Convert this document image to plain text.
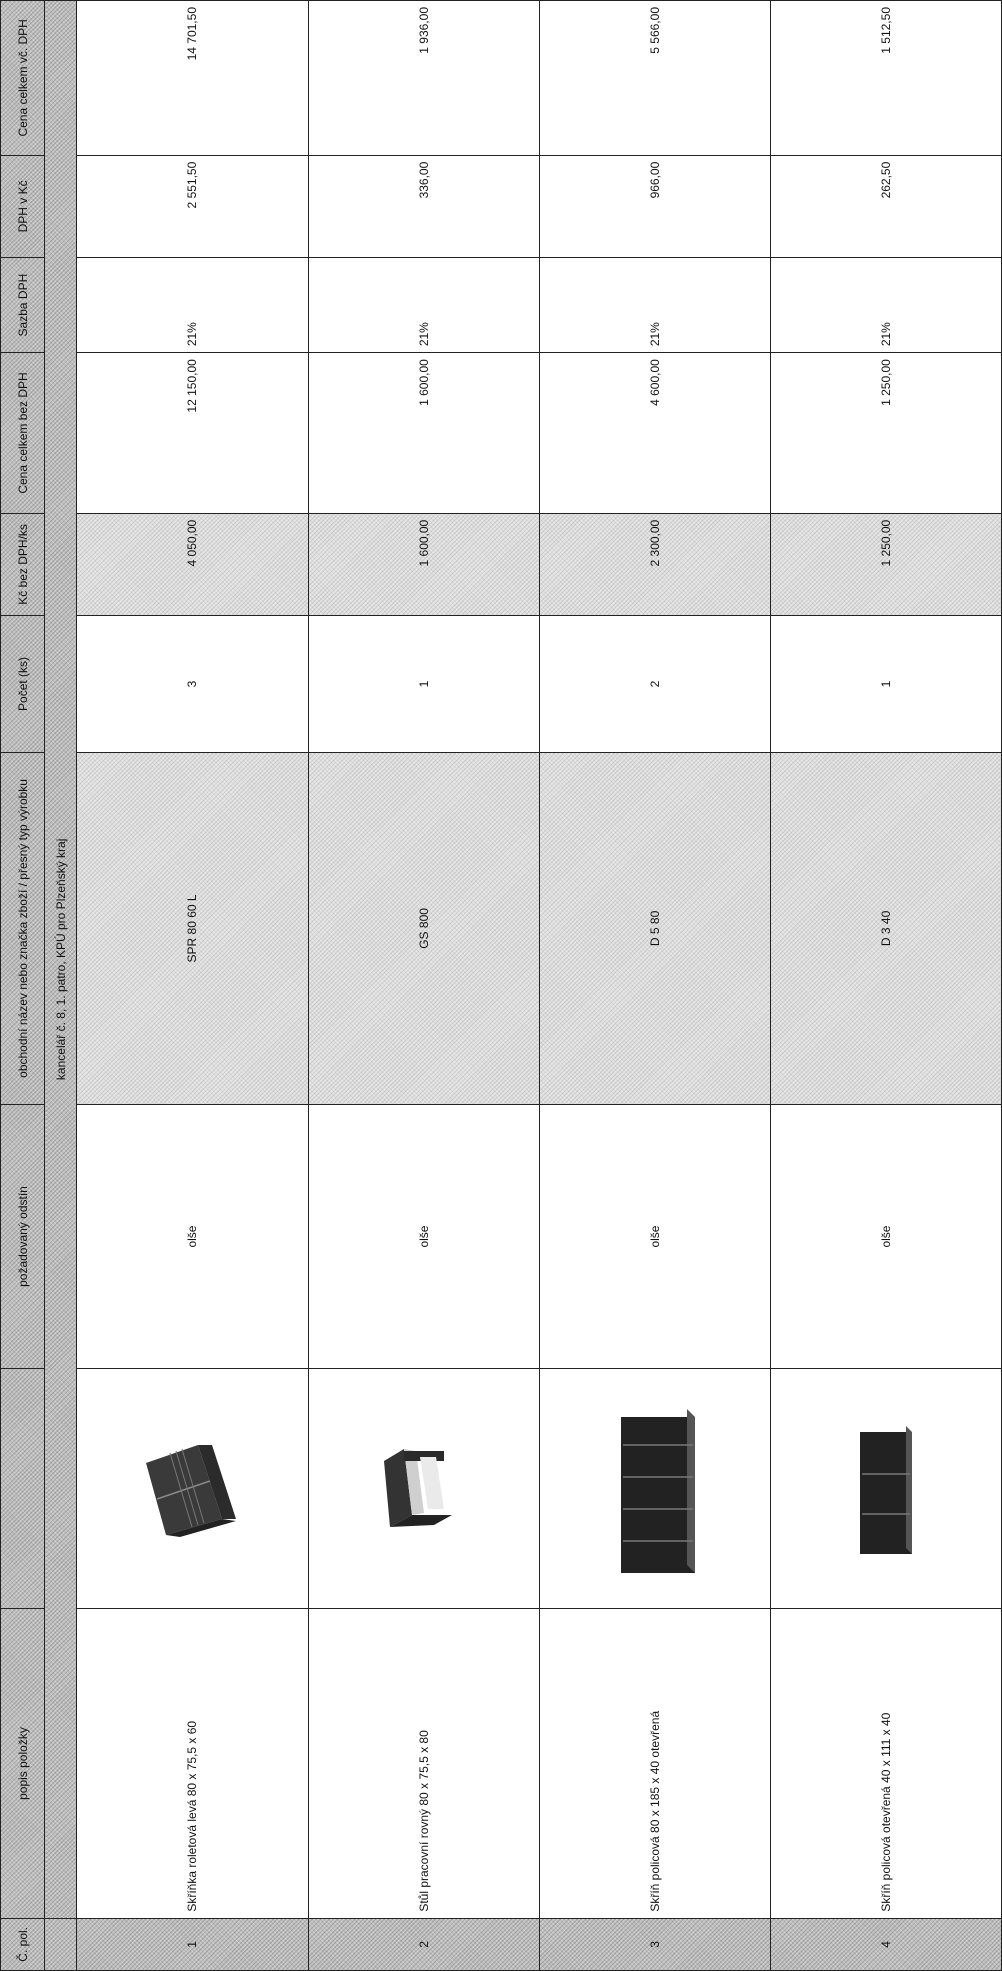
Č. pol.	popis položky		požadovaný odstín	obchodní název nebo značka zboží / přesný typ výrobku	Počet (ks)	Kč bez DPH/ks	Cena celkem bez DPH	Sazba DPH	DPH v Kč	Cena celkem vč. DPH
	kancelář č. 8, 1. patro, KPÚ pro Plzeňský kraj									
1	Skříňka roletová levá 80 x 75,5 x 60		olše	SPR 80 60 L	3	4 050,00	12 150,00	21%	2 551,50	14 701,50
2	Stůl pracovní rovný 80 x 75,5 x 80		olše	GS 800	1	1 600,00	1 600,00	21%	336,00	1 936,00
3	Skříň policová 80 x 185 x 40 otevřená		olše	D 5 80	2	2 300,00	4 600,00	21%	966,00	5 566,00
4	Skříň policová otevřená 40 x 111 x 40		olše	D 3 40	1	1 250,00	1 250,00	21%	262,50	1 512,50
